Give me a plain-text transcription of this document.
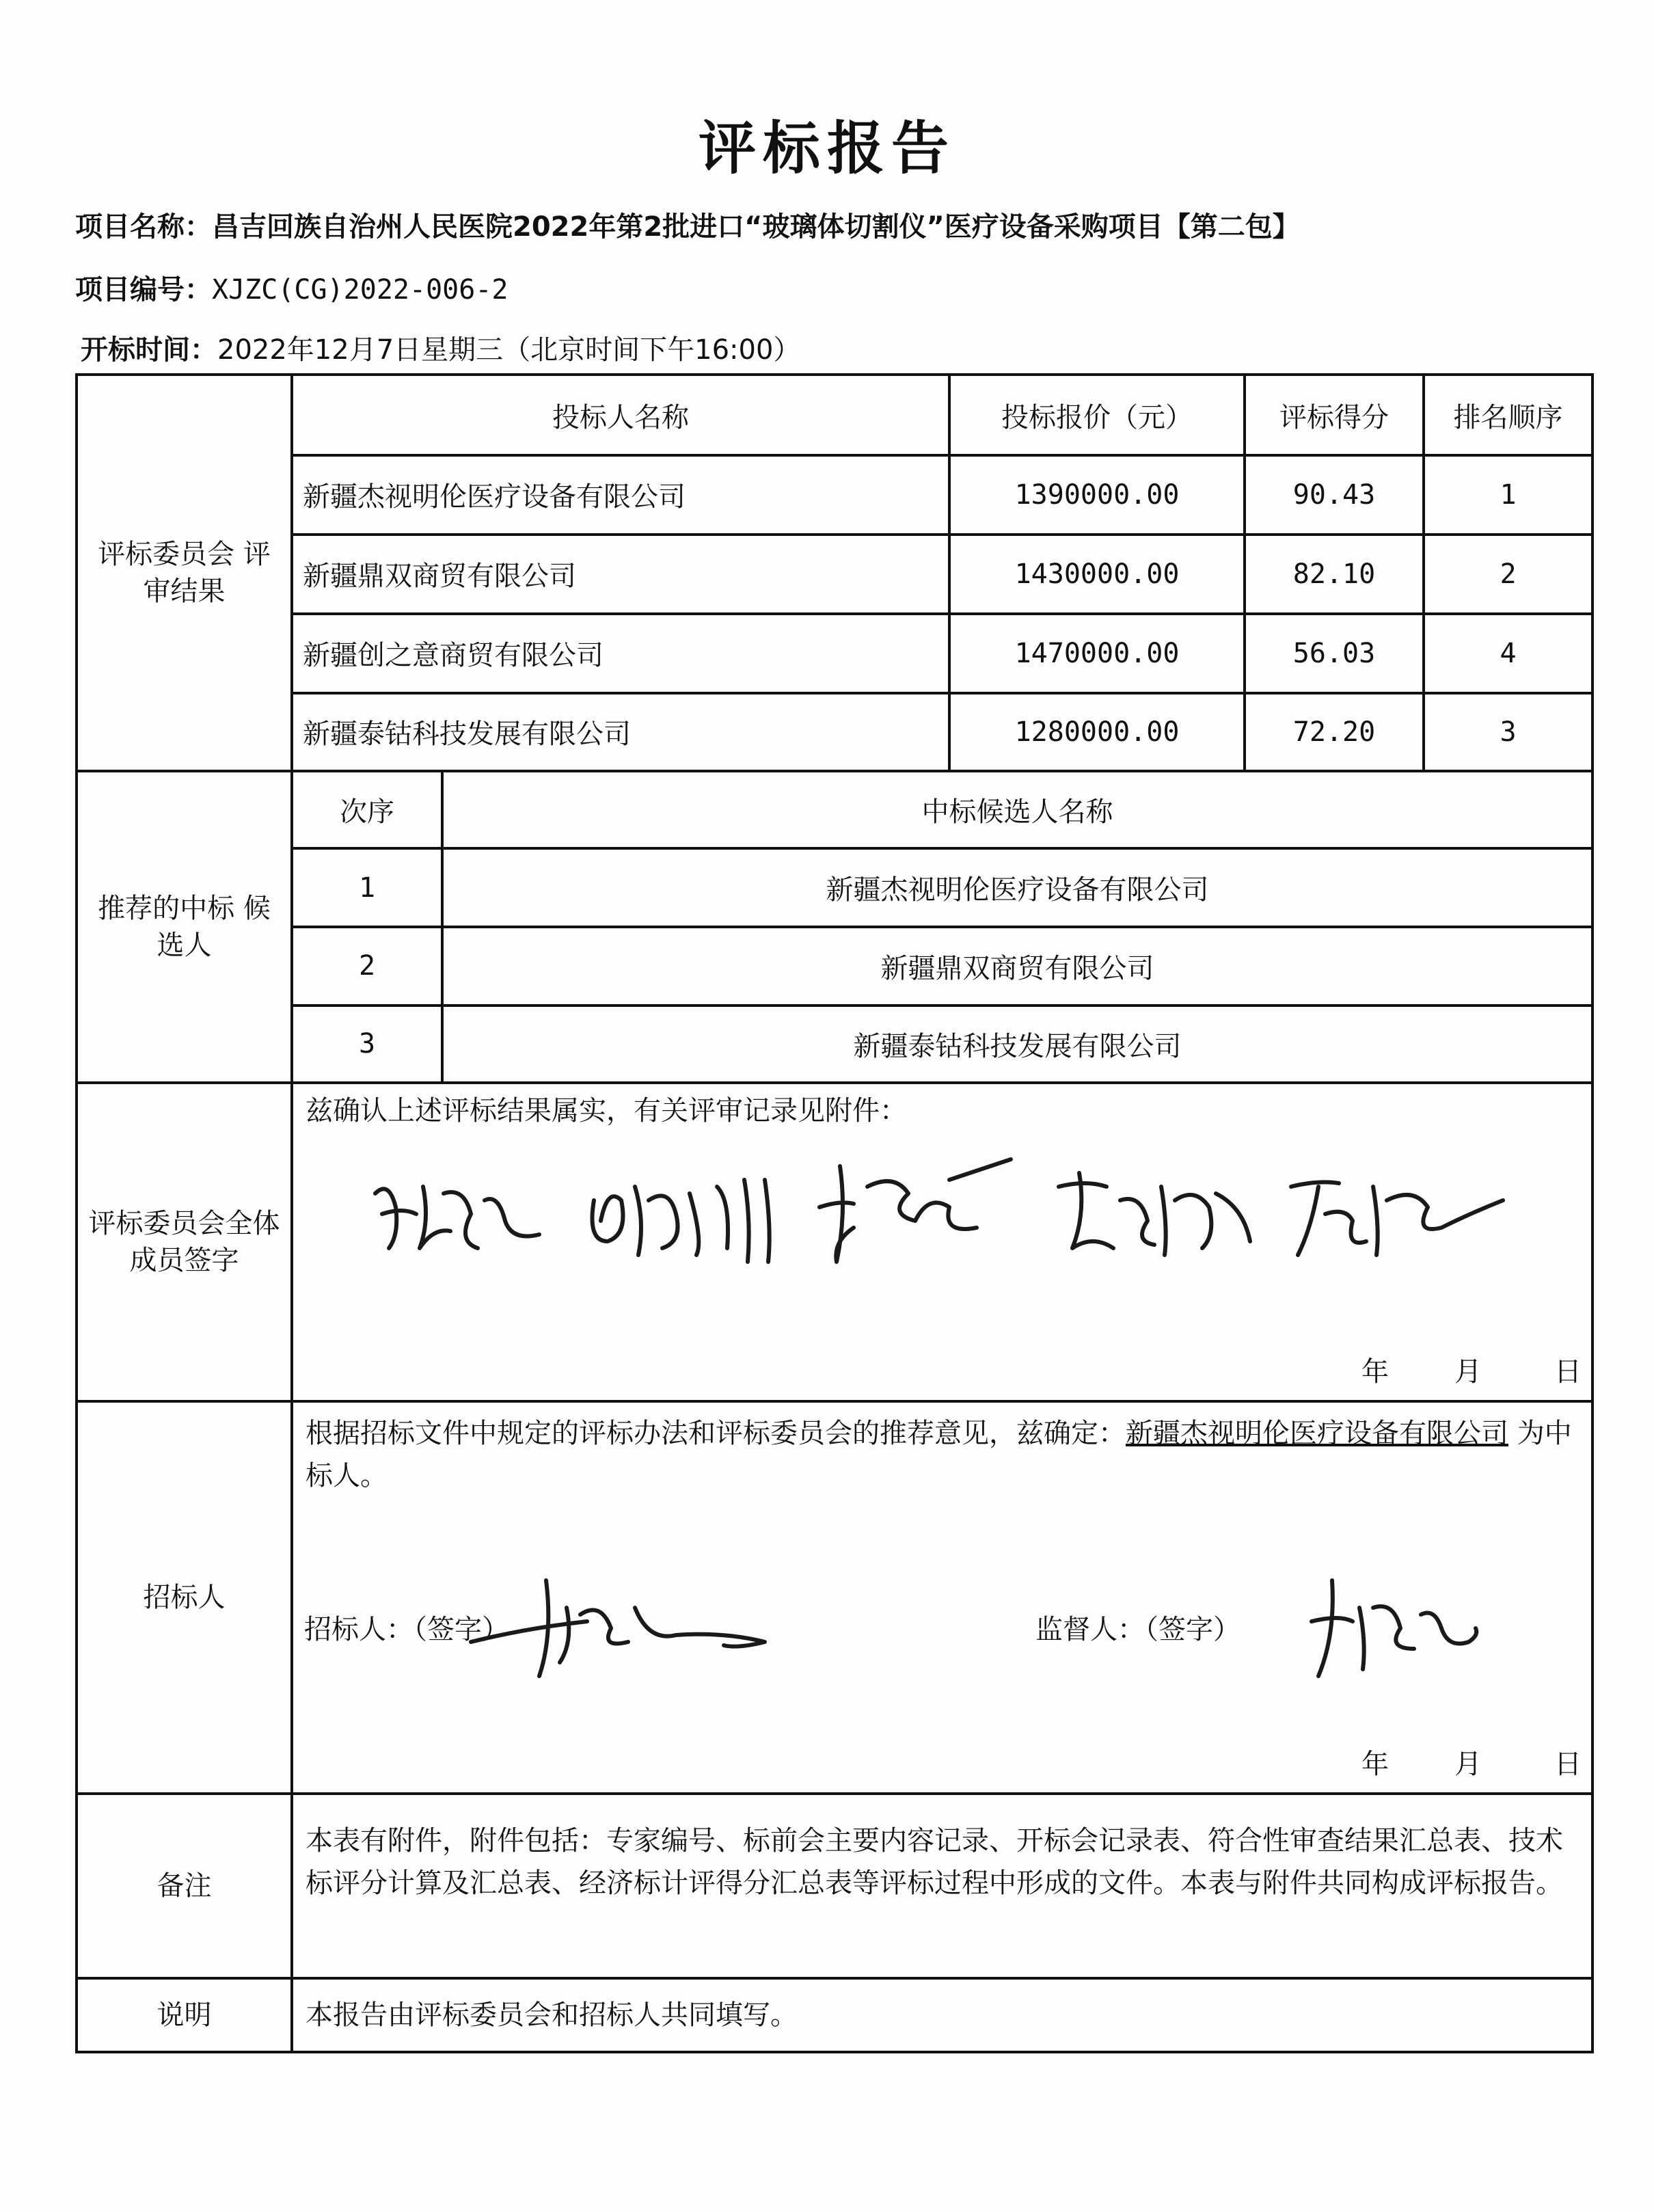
评标报告
项目名称：昌吉回族自治州人民医院2022年第2批进口“玻璃体切割仪”医疗设备采购项目【第二包】
项目编号：XJZC(CG)2022-006-2
开标时间：2022年12月7日星期三（北京时间下午16:00）
评标委员会 评审结果
投标人名称	投标报价（元）	评标得分	排名顺序
新疆杰视明伦医疗设备有限公司	1390000.00	90.43	1
新疆鼎双商贸有限公司	1430000.00	82.10	2
新疆创之意商贸有限公司	1470000.00	56.03	4
新疆泰钴科技发展有限公司	1280000.00	72.20	3
推荐的中标 候选人
次序	中标候选人名称
1	新疆杰视明伦医疗设备有限公司
2	新疆鼎双商贸有限公司
3	新疆泰钴科技发展有限公司
评标委员会全体成员签字
兹确认上述评标结果属实，有关评审记录见附件：
年 月	日
招标人
根据招标文件中规定的评标办法和评标委员会的推荐意见，兹确定：新疆杰视明伦医疗设备有限公司 为中标人。
招标人：（签字）	监督人：（签字）
年 月	日
备注
本表有附件，附件包括：专家编号、标前会主要内容记录、开标会记录表、符合性审查结果汇总表、技术标评分计算及汇总表、经济标计评得分汇总表等评标过程中形成的文件。本表与附件共同构成评标报告。
说明	本报告由评标委员会和招标人共同填写。
